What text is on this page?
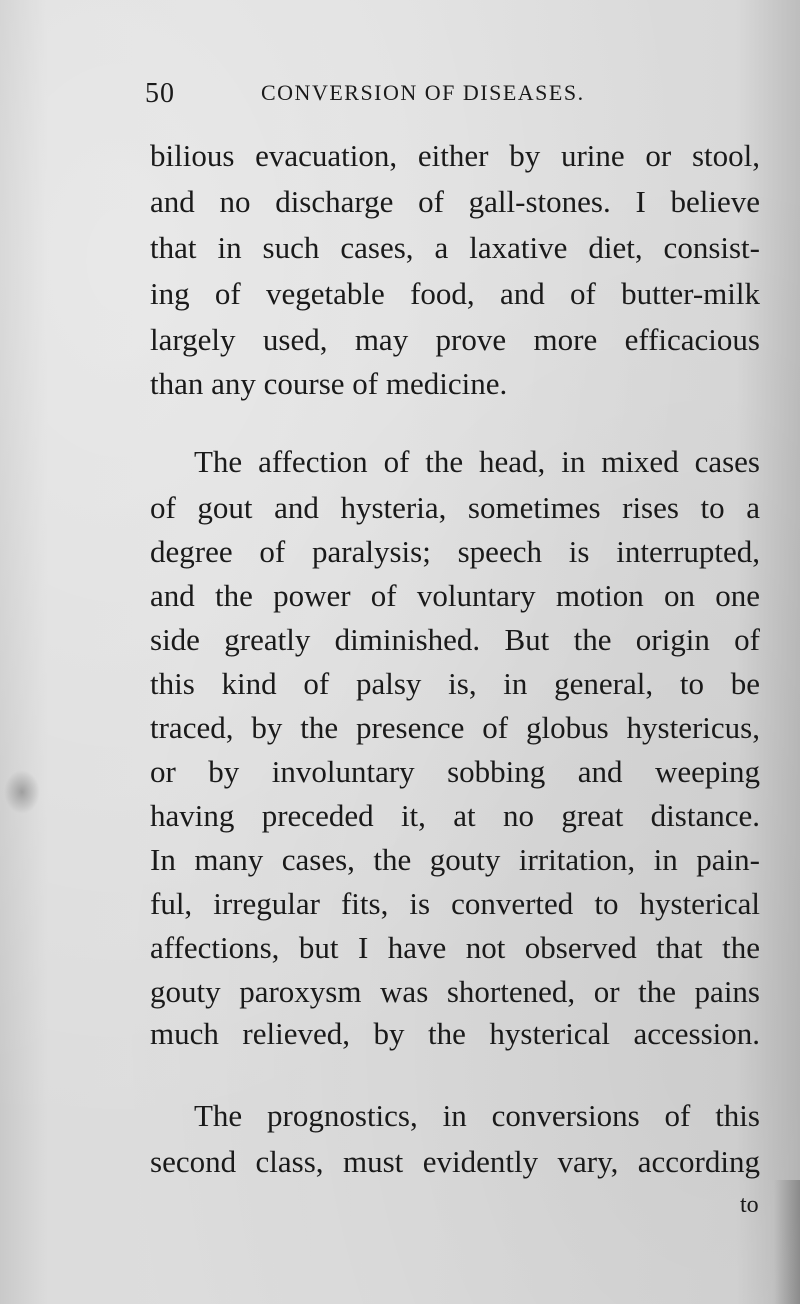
50	CONVERSION OF DISEASES.
bilious evacuation, either by urine or stool,
and no discharge of gall-stones. I believe
that in such cases, a laxative diet, consist-
ing of vegetable food, and of butter-milk
largely used, may prove more efficacious
than any course of medicine.
The affection of the head, in mixed cases
of gout and hysteria, sometimes rises to a
degree of paralysis; speech is interrupted,
and the power of voluntary motion on one
side greatly diminished. But the origin of
this kind of palsy is, in general, to be
traced, by the presence of globus hystericus,
or by involuntary sobbing and weeping
having preceded it, at no great distance.
In many cases, the gouty irritation, in pain-
ful, irregular fits, is converted to hysterical
affections, but I have not observed that the
gouty paroxysm was shortened, or the pains
much relieved, by the hysterical accession.
The prognostics, in conversions of this
second class, must evidently vary, according
to
